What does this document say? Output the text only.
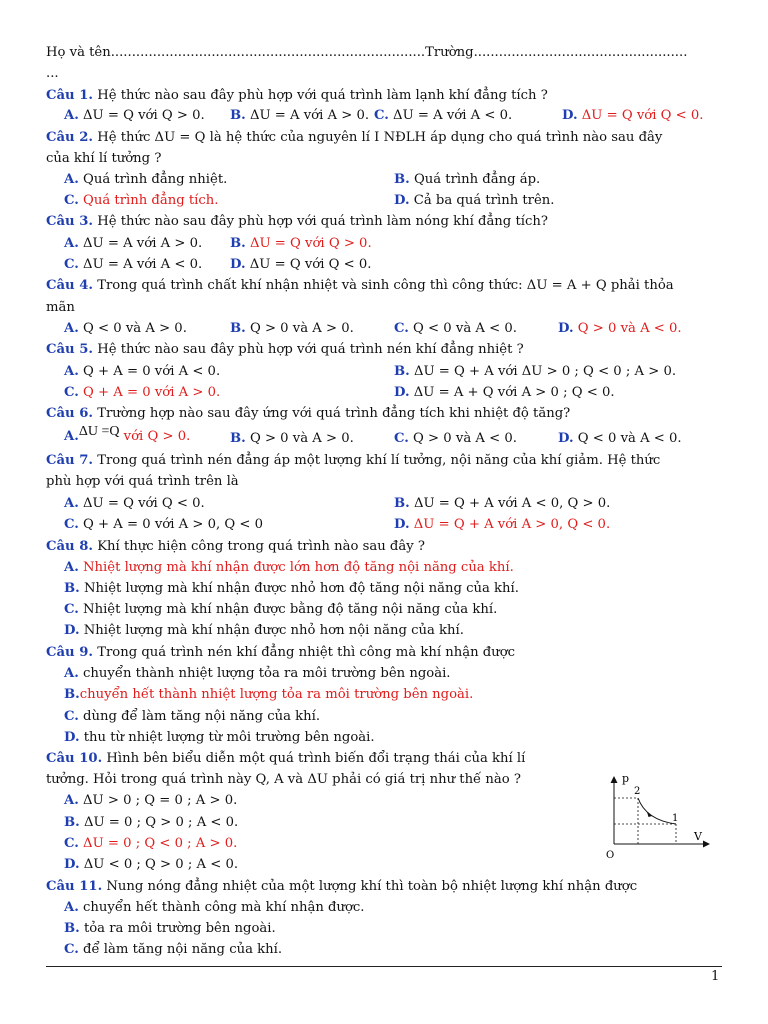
Họ và tên...........................................................................Trường...................................................
...
Câu 1. Hệ thức nào sau đây phù hợp với quá trình làm lạnh khí đẳng tích ?
A. ΔU = Q với Q > 0. B. ΔU = A với A > 0. C. ΔU = A với A < 0.	D. ΔU = Q với Q < 0.
Câu 2. Hệ thức ΔU = Q là hệ thức của nguyên lí I NĐLH áp dụng cho quá trình nào sau đây
của khí lí tưởng ?
A. Quá trình đẳng nhiệt.	B. Quá trình đẳng áp.
C. Quá trình đẳng tích.	D. Cả ba quá trình trên.
Câu 3. Hệ thức nào sau đây phù hợp với quá trình làm nóng khí đẳng tích?
A. ΔU = A với A > 0. B. ΔU = Q với Q > 0.
C. ΔU = A với A < 0. D. ΔU = Q với Q < 0.
Câu 4. Trong quá trình chất khí nhận nhiệt và sinh công thì công thức: ΔU = A + Q phải thỏa
mãn
A. Q < 0 và A > 0.	B. Q > 0 và A > 0.	C. Q < 0 và A < 0.	D. Q > 0 và A < 0.
Câu 5. Hệ thức nào sau đây phù hợp với quá trình nén khí đẳng nhiệt ?
A. Q + A = 0 với A < 0.	B. ΔU = Q + A với ΔU > 0 ; Q < 0 ; A > 0.
C. Q + A = 0 với A > 0.	D. ΔU = A + Q với A > 0 ; Q < 0.
Câu 6. Trường hợp nào sau đây ứng với quá trình đẳng tích khi nhiệt độ tăng?
A.ΔU =Q với Q > 0.	B. Q > 0 và A > 0.	C. Q > 0 và A < 0.	D. Q < 0 và A < 0.
Câu 7. Trong quá trình nén đẳng áp một lượng khí lí tưởng, nội năng của khí giảm. Hệ thức
phù hợp với quá trình trên là
A. ΔU = Q với Q < 0.	B. ΔU = Q + A với A < 0, Q > 0.
C. Q + A = 0 với A > 0, Q < 0	D. ΔU = Q + A với A > 0, Q < 0.
Câu 8. Khí thực hiện công trong quá trình nào sau đây ?
A. Nhiệt lượng mà khí nhận được lớn hơn độ tăng nội năng của khí.
B. Nhiệt lượng mà khí nhận được nhỏ hơn độ tăng nội năng của khí.
C. Nhiệt lượng mà khí nhận được bằng độ tăng nội năng của khí.
D. Nhiệt lượng mà khí nhận được nhỏ hơn nội năng của khí.
Câu 9. Trong quá trình nén khí đẳng nhiệt thì công mà khí nhận được
A. chuyển thành nhiệt lượng tỏa ra môi trường bên ngoài.
B.chuyển hết thành nhiệt lượng tỏa ra môi trường bên ngoài.
C. dùng để làm tăng nội năng của khí.
D. thu từ nhiệt lượng từ môi trường bên ngoài.
Câu 10. Hình bên biểu diễn một quá trình biến đổi trạng thái của khí lí
tưởng. Hỏi trong quá trình này Q, A và ΔU phải có giá trị như thế nào ?
A. ΔU > 0 ; Q = 0 ; A > 0.
B. ΔU = 0 ; Q > 0 ; A < 0.
C. ΔU = 0 ; Q < 0 ; A > 0.
D. ΔU < 0 ; Q > 0 ; A < 0.
p
V
O
2
1
Câu 11. Nung nóng đẳng nhiệt của một lượng khí thì toàn bộ nhiệt lượng khí nhận được
A. chuyển hết thành công mà khí nhận được.
B. tỏa ra môi trường bên ngoài.
C. để làm tăng nội năng của khí.
1
